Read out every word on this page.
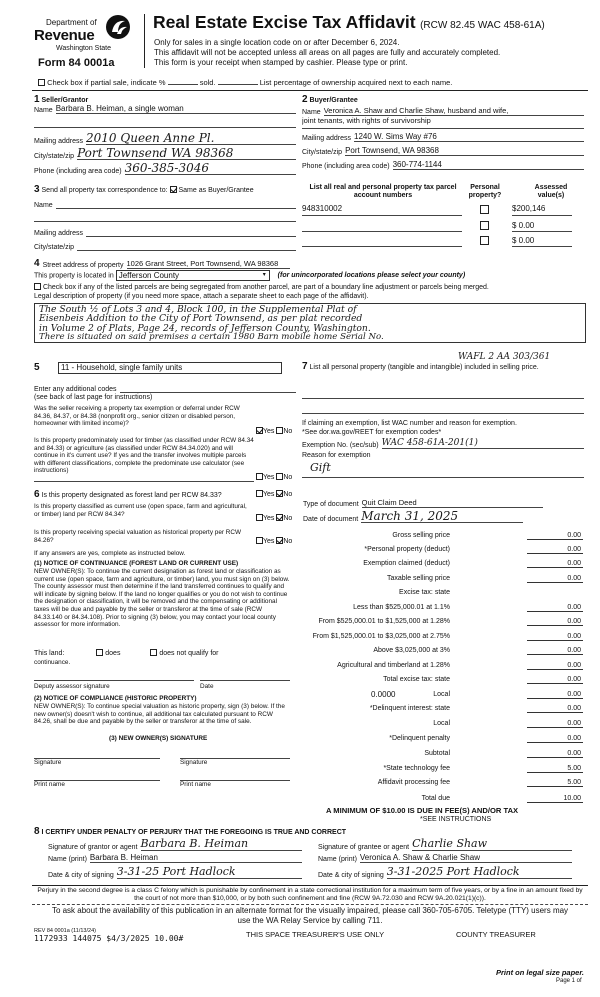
Department of
Revenue
Washington State
Form 84 0001a
Real Estate Excise Tax Affidavit (RCW 82.45 WAC 458-61A)
Only for sales in a single location code on or after December 6, 2024.
This affidavit will not be accepted unless all areas on all pages are fully and accurately completed.
This form is your receipt when stamped by cashier. Please type or print.
Check box if partial sale, indicate %	sold.	List percentage of ownership acquired next to each name.
1 Seller/Grantor
Name Barbara B. Heiman, a single woman
Mailing address 2010 Queen Anne Pl.
City/state/zip Port Townsend WA 98368
Phone (including area code) 360-385-3046
2 Buyer/Grantee
Name Veronica A. Shaw and Charlie Shaw, husband and wife,
joint tenants, with rights of survivorship
Mailing address 1240 W. Sims Way #76
City/state/zip Port Townsend, WA 98368
Phone (including area code) 360-774-1144
3 Send all property tax correspondence to: Same as Buyer/Grantee
Name
Mailing address
City/state/zip
List all real and personal property tax parcel account numbers
Personal property?
Assessed value(s)
948310002	$200,146
$ 0.00
$ 0.00
4 Street address of property 1026 Grant Street, Port Townsend, WA 98368
This property is located in Jefferson County	▾ (for unincorporated locations please select your county)
Check box if any of the listed parcels are being segregated from another parcel, are part of a boundary line adjustment or parcels being merged.
Legal description of property (if you need more space, attach a separate sheet to each page of the affidavit).
The South ½ of Lots 3 and 4, Block 100, in the Supplemental Plat of
Eisenbeis Addition to the City of Port Townsend, as per plat recorded
in Volume 2 of Plats, Page 24, records of Jefferson County, Washington.
There is situated on said premises a certain 1980 Barn mobile home Serial No.
WAFL 2 AA 303/361
5	11 - Household, single family units
Enter any additional codes
(see back of last page for instructions)
Was the seller receiving a property tax exemption or deferral under RCW 84.36, 84.37, or 84.38 (nonprofit org., senior citizen or disabled person, homeowner with limited income)?
Yes No
Is this property predominately used for timber (as classified under RCW 84.34 and 84.33) or agriculture (as classified under RCW 84.34.020) and will continue in it's current use? If yes and the transfer involves multiple parcels with different classifications, complete the predominate use calculator (see instructions)
Yes No
6 Is this property designated as forest land per RCW 84.33?	Yes No
Is this property classified as current use (open space, farm and agricultural, or timber) land per RCW 84.34?
Yes No
Is this property receiving special valuation as historical property per RCW 84.26?	Yes No
If any answers are yes, complete as instructed below.
(1) NOTICE OF CONTINUANCE (FOREST LAND OR CURRENT USE)
NEW OWNER(S): To continue the current designation as forest land or classification as current use (open space, farm and agriculture, or timber) land, you must sign on (3) below. The county assessor must then determine if the land transferred continues to qualify and will indicate by signing below. If the land no longer qualifies or you do not wish to continue the designation or classification, it will be removed and the compensating or additional taxes will be due and payable by the seller or transferor at the time of sale (RCW 84.33.140 or 84.34.108). Prior to signing (3) below, you may contact your local county assessor for more information.
This land:	does	does not qualify for
continuance.
Deputy assessor signature	Date
(2) NOTICE OF COMPLIANCE (HISTORIC PROPERTY)
NEW OWNER(S): To continue special valuation as historic property, sign (3) below. If the new owner(s) doesn't wish to continue, all additional tax calculated pursuant to RCW 84.26, shall be due and payable by the seller or transferor at the time of sale.
(3) NEW OWNER(S) SIGNATURE
Signature	Signature
Print name	Print name
7 List all personal property (tangible and intangible) included in selling price.
If claiming an exemption, list WAC number and reason for exemption.
*See dor.wa.gov/REET for exemption codes*
Exemption No. (sec/sub) WAC 458-61A-201(1)
Reason for exemption
Gift
Type of document Quit Claim Deed
Date of document March 31, 2025
Gross selling price	0.00
*Personal property (deduct)	0.00
Exemption claimed (deduct)	0.00
Taxable selling price	0.00
Excise tax: state
Less than $525,000.01 at 1.1%	0.00
From $525,000.01 to $1,525,000 at 1.28%	0.00
From $1,525,000.01 to $3,025,000 at 2.75%	0.00
Above $3,025,000 at 3%	0.00
Agricultural and timberland at 1.28%	0.00
Total excise tax: state	0.00
0.0000	Local	0.00
*Delinquent interest: state	0.00
Local	0.00
*Delinquent penalty	0.00
Subtotal	0.00
*State technology fee	5.00
Affidavit processing fee	5.00
Total due	10.00
A MINIMUM OF $10.00 IS DUE IN FEE(S) AND/OR TAX
*SEE INSTRUCTIONS
8 I CERTIFY UNDER PENALTY OF PERJURY THAT THE FOREGOING IS TRUE AND CORRECT
Signature of grantor or agent Barbara B. Heiman
Name (print) Barbara B. Heiman
Date & city of signing 3-31-25 Port Hadlock
Signature of grantee or agent Charlie Shaw
Name (print) Veronica A. Shaw & Charlie Shaw
Date & city of signing 3-31-2025 Port Hadlock
Perjury in the second degree is a class C felony which is punishable by confinement in a state correctional institution for a maximum term of five years, or by a fine in an amount fixed by the court of not more than $10,000, or by both such confinement and fine (RCW 9A.72.030 and RCW 9A.20.021(1)(c)).
To ask about the availability of this publication in an alternate format for the visually impaired, please call 360-705-6705. Teletype (TTY) users may use the WA Relay Service by calling 711.
REV 84 0001a (11/13/24)
1172933 144075 $4/3/2025 10.00#	THIS SPACE TREASURER'S USE ONLY	COUNTY TREASURER
Print on legal size paper.
Page 1 of
